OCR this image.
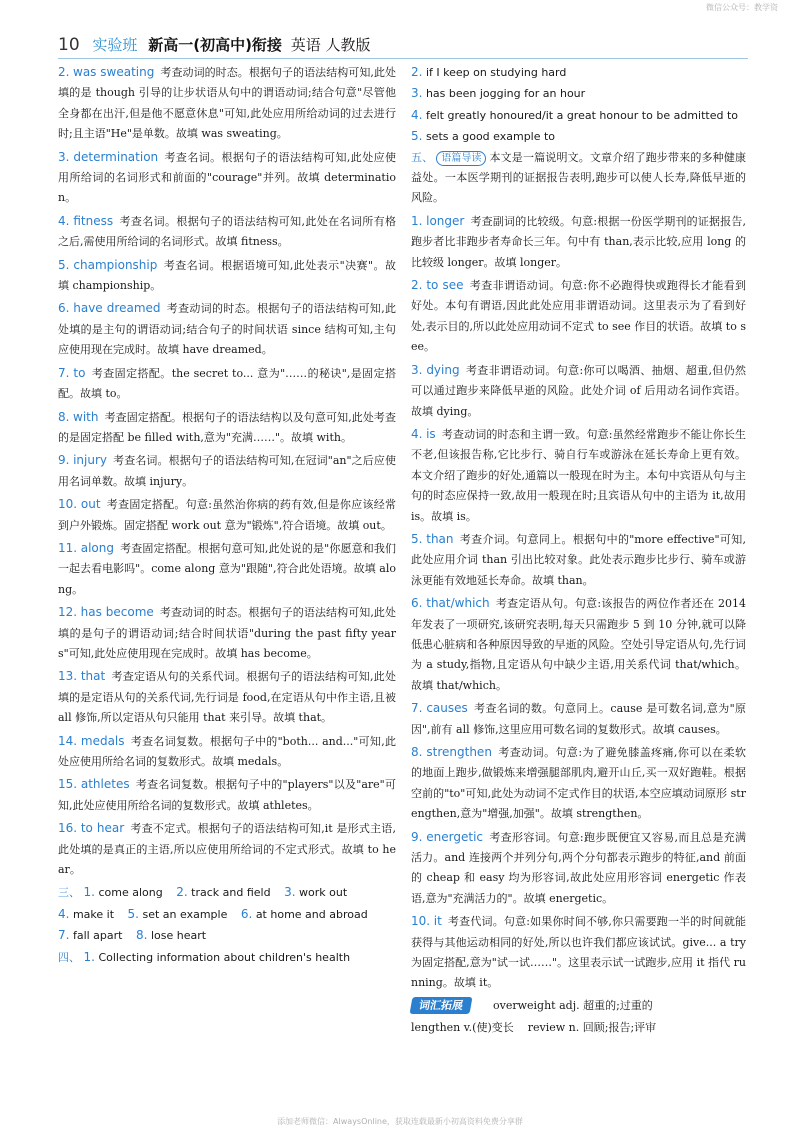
微信公众号：教学资
10 实验班 新高一(初高中)衔接 英语 人教版
2. was sweating 考查动词的时态。根据句子的语法结构可知,此处填的是 though 引导的让步状语从句中的谓语动词;结合句意"尽管他全身都在出汗,但是他不愿意休息"可知,此处应用所给动词的过去进行时;且主语"He"是单数。故填 was sweating。
3. determination 考查名词。根据句子的语法结构可知,此处应使用所给词的名词形式和前面的"courage"并列。故填 determination。
4. fitness 考查名词。根据句子的语法结构可知,此处在名词所有格之后,需使用所给词的名词形式。故填 fitness。
5. championship 考查名词。根据语境可知,此处表示"决赛"。故填 championship。
6. have dreamed 考查动词的时态。根据句子的语法结构可知,此处填的是主句的谓语动词;结合句子的时间状语 since 结构可知,主句应使用现在完成时。故填 have dreamed。
7. to 考查固定搭配。the secret to... 意为"……的秘诀",是固定搭配。故填 to。
8. with 考查固定搭配。根据句子的语法结构以及句意可知,此处考查的是固定搭配 be filled with,意为"充满……"。故填 with。
9. injury 考查名词。根据句子的语法结构可知,在冠词"an"之后应使用名词单数。故填 injury。
10. out 考查固定搭配。句意:虽然治你病的药有效,但是你应该经常到户外锻炼。固定搭配 work out 意为"锻炼",符合语境。故填 out。
11. along 考查固定搭配。根据句意可知,此处说的是"你愿意和我们一起去看电影吗"。come along 意为"跟随",符合此处语境。故填 along。
12. has become 考查动词的时态。根据句子的语法结构可知,此处填的是句子的谓语动词;结合时间状语"during the past fifty years"可知,此处应使用现在完成时。故填 has become。
13. that 考查定语从句的关系代词。根据句子的语法结构可知,此处填的是定语从句的关系代词,先行词是 food,在定语从句中作主语,且被 all 修饰,所以定语从句只能用 that 来引导。故填 that。
14. medals 考查名词复数。根据句子中的"both... and..."可知,此处应使用所给名词的复数形式。故填 medals。
15. athletes 考查名词复数。根据句子中的"players"以及"are"可知,此处应使用所给名词的复数形式。故填 athletes。
16. to hear 考查不定式。根据句子的语法结构可知,it 是形式主语,此处填的是真正的主语,所以应使用所给词的不定式形式。故填 to hear。
三、 1. come along 2. track and field 3. work out
4. make it 5. set an example 6. at home and abroad
7. fall apart 8. lose heart
四、 1. Collecting information about children's health
2. if I keep on studying hard
3. has been jogging for an hour
4. felt greatly honoured/it a great honour to be admitted to
5. sets a good example to
五、 语篇导读 本文是一篇说明文。文章介绍了跑步带来的多种健康益处。一本医学期刊的证据报告表明,跑步可以使人长寿,降低早逝的风险。
1. longer 考查副词的比较级。句意:根据一份医学期刊的证据报告,跑步者比非跑步者寿命长三年。句中有 than,表示比较,应用 long 的比较级 longer。故填 longer。
2. to see 考查非谓语动词。句意:你不必跑得快或跑得长才能看到好处。本句有谓语,因此此处应用非谓语动词。这里表示为了看到好处,表示目的,所以此处应用动词不定式 to see 作目的状语。故填 to see。
3. dying 考查非谓语动词。句意:你可以喝酒、抽烟、超重,但仍然可以通过跑步来降低早逝的风险。此处介词 of 后用动名词作宾语。故填 dying。
4. is 考查动词的时态和主谓一致。句意:虽然经常跑步不能让你长生不老,但该报告称,它比步行、骑自行车或游泳在延长寿命上更有效。本文介绍了跑步的好处,通篇以一般现在时为主。本句中宾语从句与主句的时态应保持一致,故用一般现在时;且宾语从句中的主语为 it,故用 is。故填 is。
5. than 考查介词。句意同上。根据句中的"more effective"可知,此处应用介词 than 引出比较对象。此处表示跑步比步行、骑车或游泳更能有效地延长寿命。故填 than。
6. that/which 考查定语从句。句意:该报告的两位作者还在 2014 年发表了一项研究,该研究表明,每天只需跑步 5 到 10 分钟,就可以降低患心脏病和各种原因导致的早逝的风险。空处引导定语从句,先行词为 a study,指物,且定语从句中缺少主语,用关系代词 that/which。故填 that/which。
7. causes 考查名词的数。句意同上。cause 是可数名词,意为"原因",前有 all 修饰,这里应用可数名词的复数形式。故填 causes。
8. strengthen 考查动词。句意:为了避免膝盖疼痛,你可以在柔软的地面上跑步,做锻炼来增强腿部肌肉,避开山丘,买一双好跑鞋。根据空前的"to"可知,此处为动词不定式作目的状语,本空应填动词原形 strengthen,意为"增强,加强"。故填 strengthen。
9. energetic 考查形容词。句意:跑步既便宜又容易,而且总是充满活力。and 连接两个并列分句,两个分句都表示跑步的特征,and 前面的 cheap 和 easy 均为形容词,故此处应用形容词 energetic 作表语,意为"充满活力的"。故填 energetic。
10. it 考查代词。句意:如果你时间不够,你只需要跑一半的时间就能获得与其他运动相同的好处,所以也许我们都应该试试。give... a try 为固定搭配,意为"试一试……"。这里表示试一试跑步,应用 it 指代 running。故填 it。
词汇拓展	overweight adj. 超重的;过重的
lengthen v.(使)变长 review n. 回顾;报告;评审
添加老师微信：AlwaysOnline，获取连载最新小初高资料免费分享群
